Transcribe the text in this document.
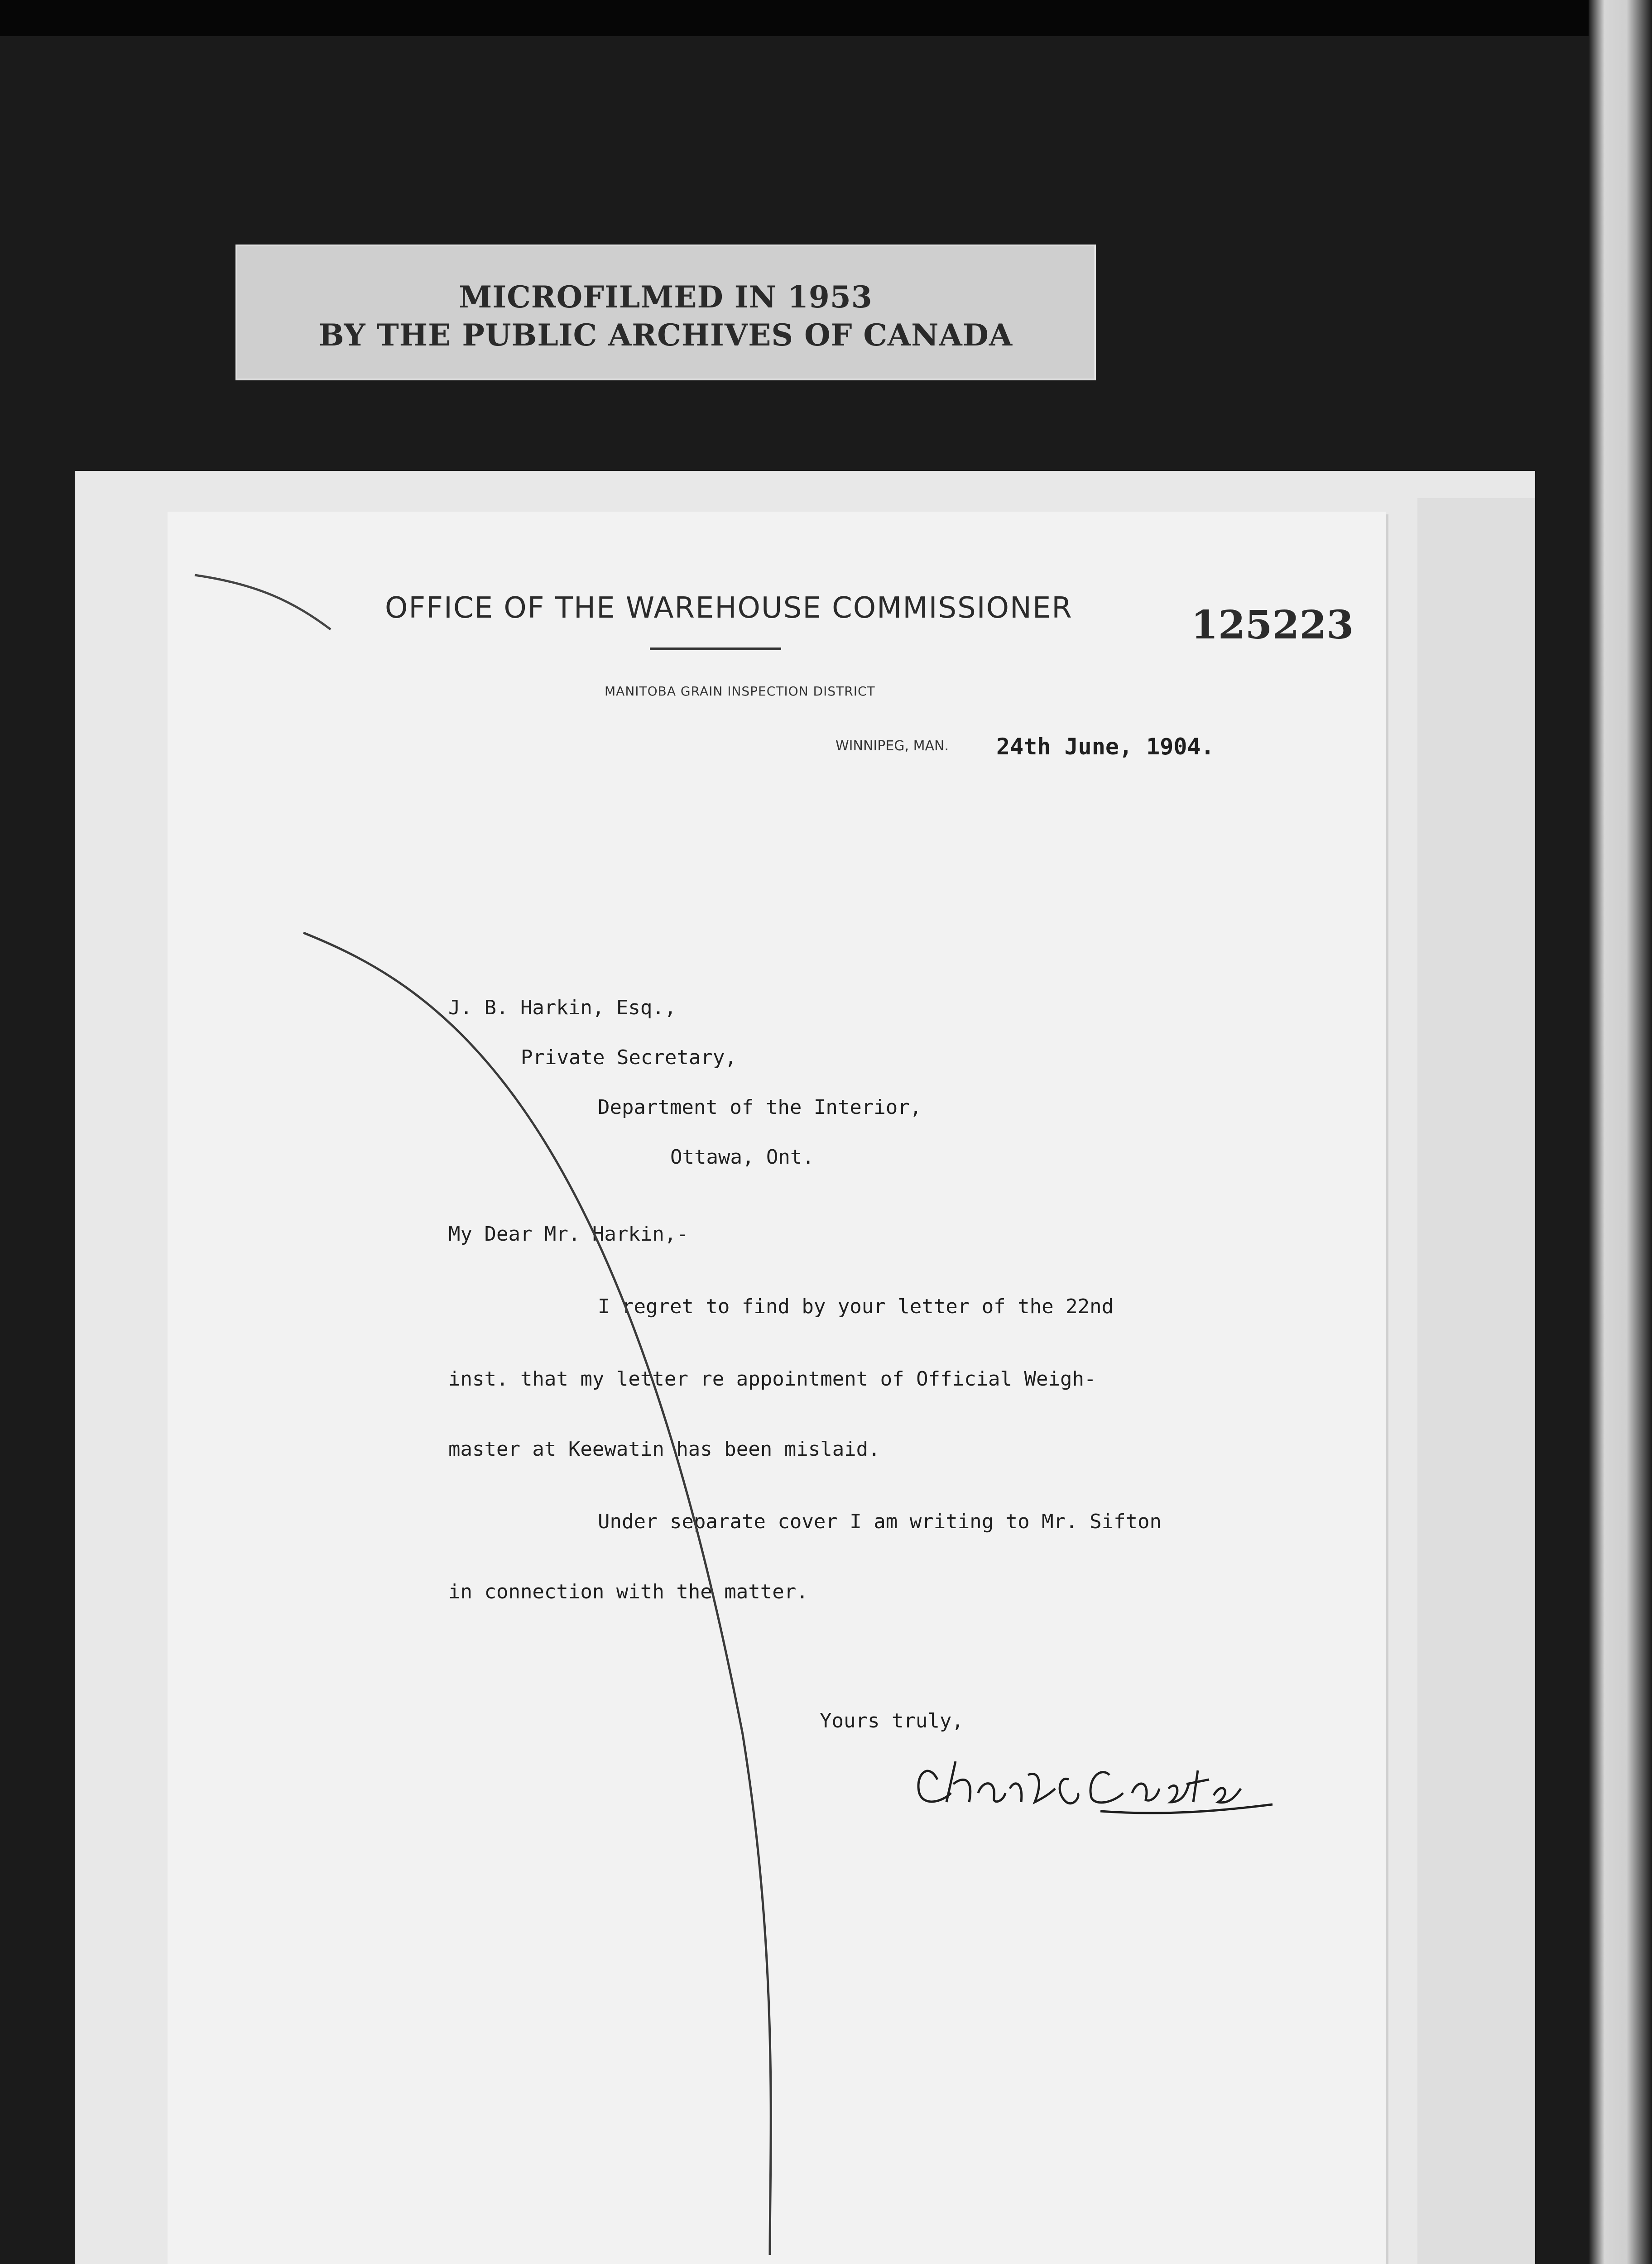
MICROFILMED IN 1953
BY THE PUBLIC ARCHIVES OF CANADA
OFFICE OF THE WAREHOUSE COMMISSIONER	125223
MANITOBA GRAIN INSPECTION DISTRICT
WINNIPEG, MAN. 24th June, 1904.
J. B. Harkin, Esq.,
Private Secretary,
Department of the Interior,
Ottawa, Ont.
My Dear Mr. Harkin,-
I regret to find by your letter of the 22nd
inst. that my letter re appointment of Official Weigh-
master at Keewatin has been mislaid.
Under separate cover I am writing to Mr. Sifton
in connection with the matter.
Yours truly,
